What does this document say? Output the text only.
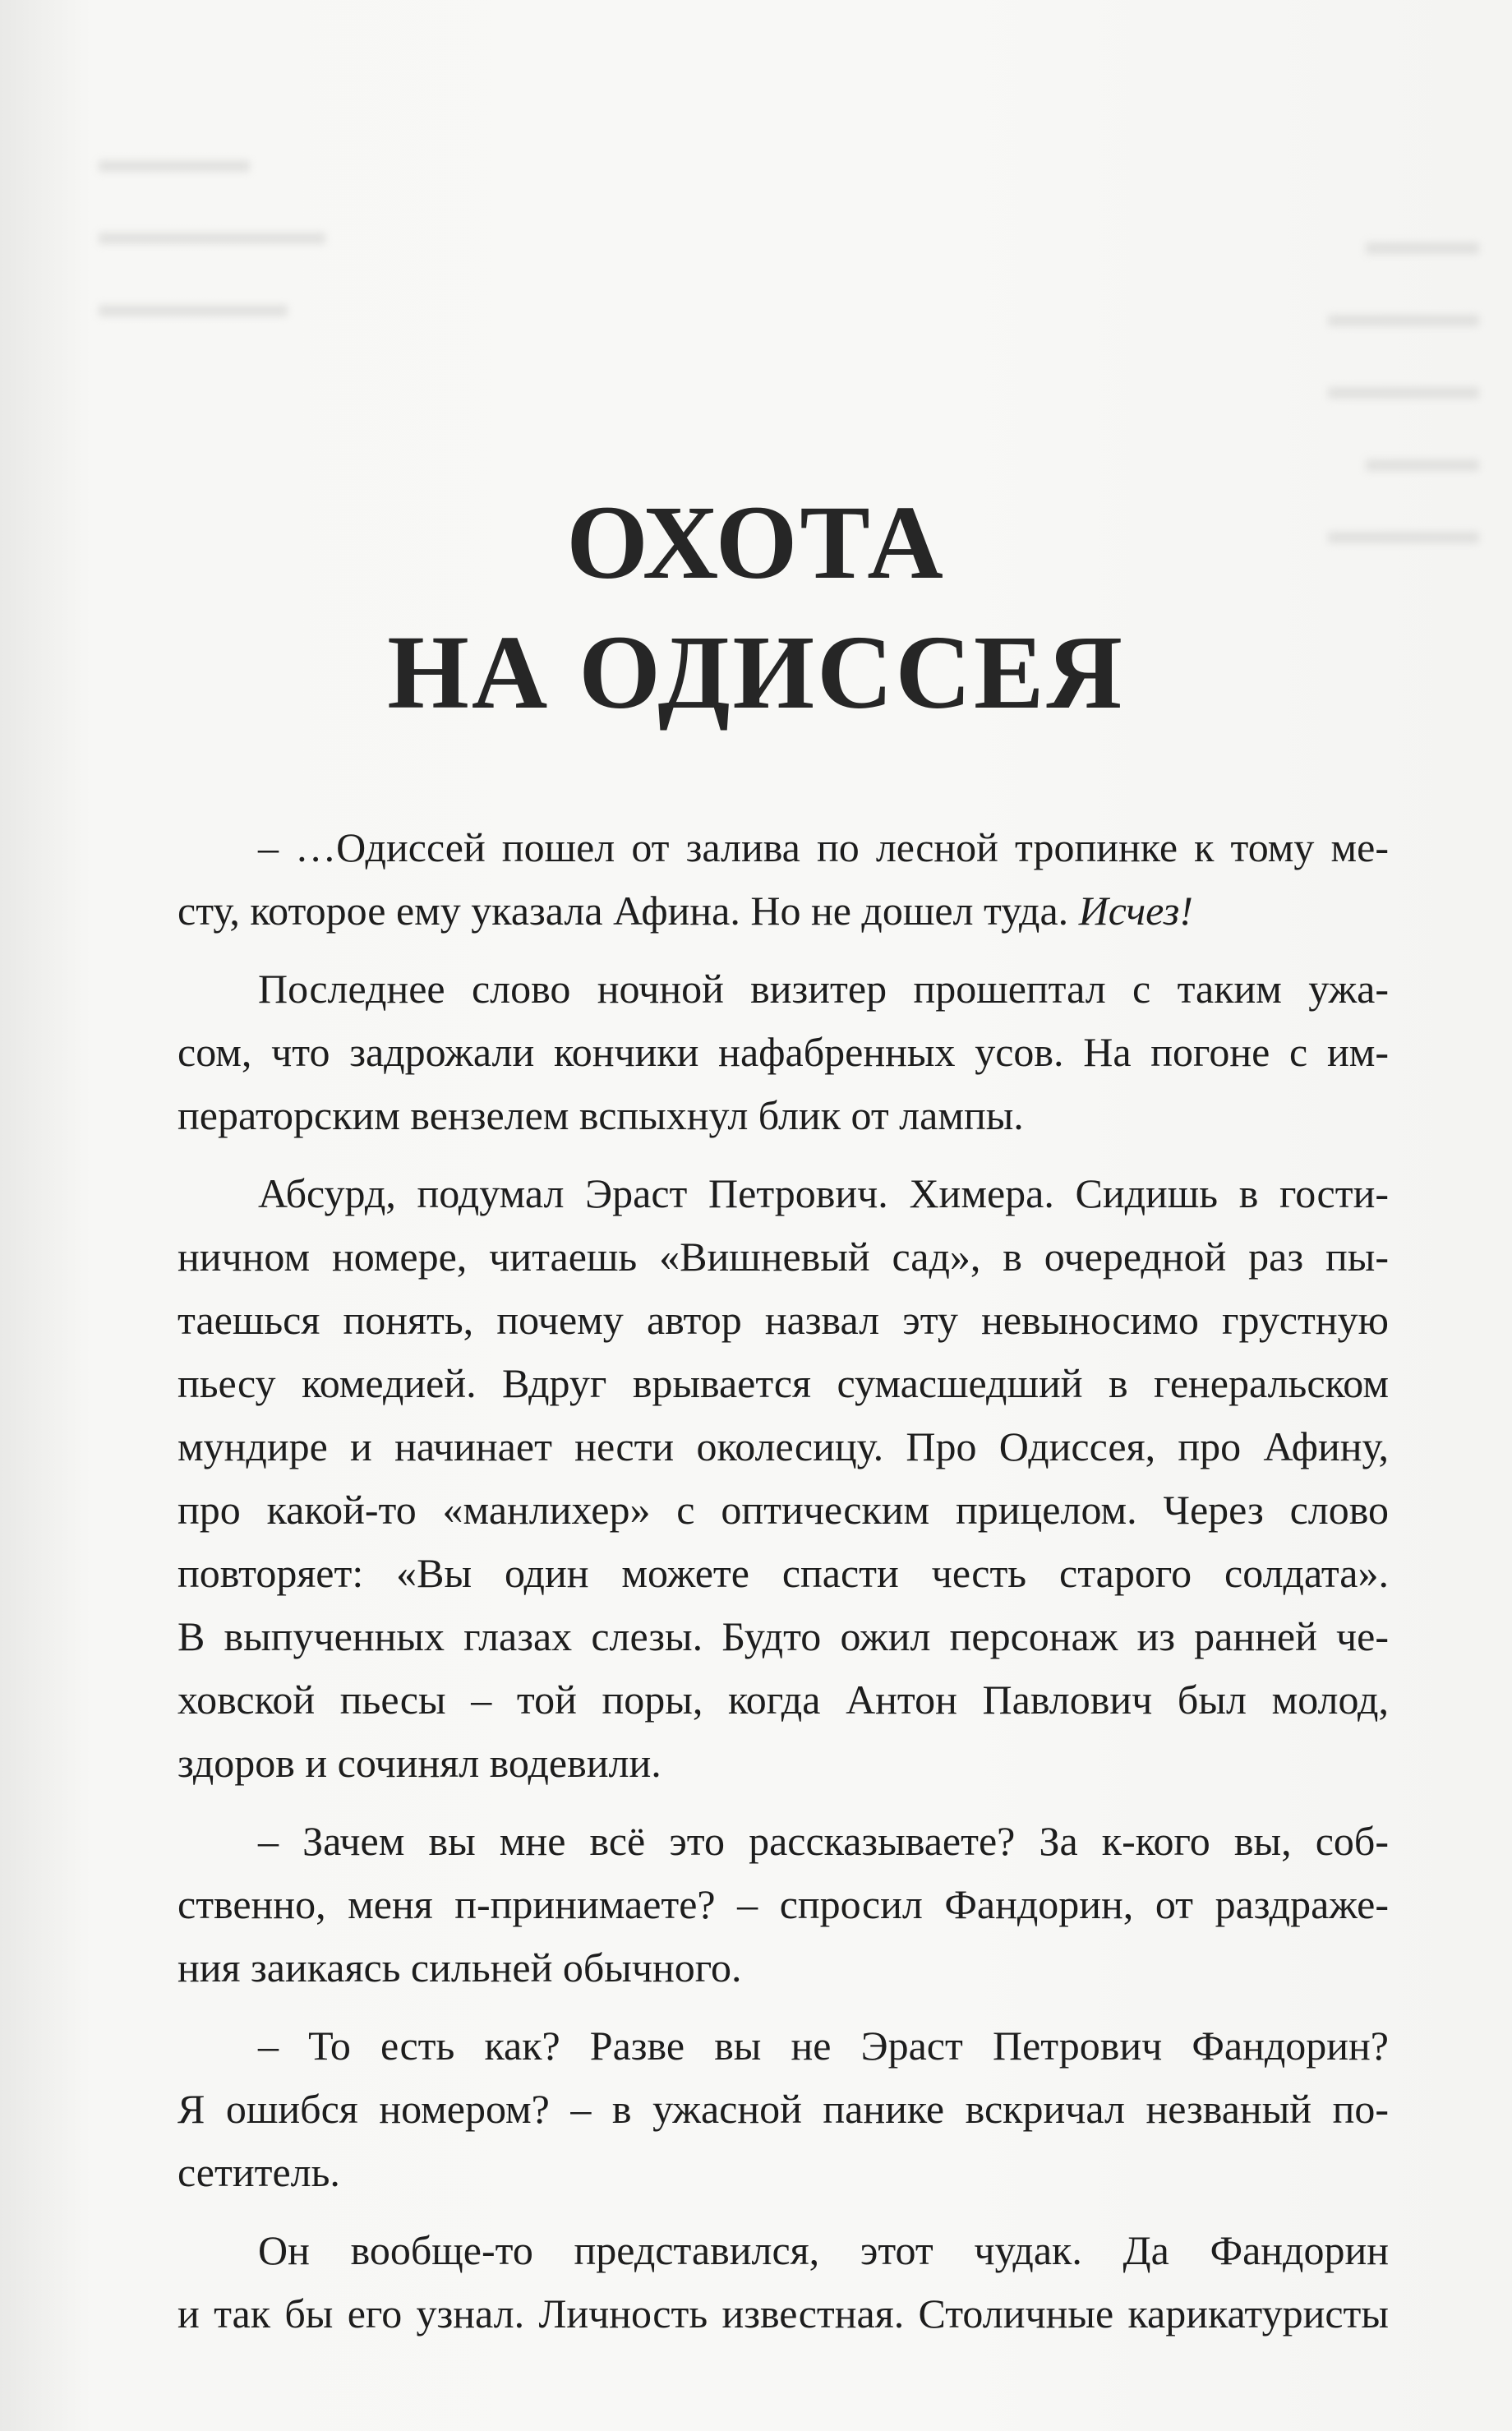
▬▬▬▬
▬▬▬▬▬▬
▬▬▬▬▬
▬▬▬
▬▬▬▬
▬▬▬▬
▬▬▬
▬▬▬▬
ОХОТА
НА ОДИССЕЯ
– …Одиссей пошел от залива по лесной тропинке к тому ме-
сту, которое ему указала Афина. Но не дошел туда. Исчез!
Последнее слово ночной визитер прошептал с таким ужа-
сом, что задрожали кончики нафабренных усов. На погоне с им-
ператорским вензелем вспыхнул блик от лампы.
Абсурд, подумал Эраст Петрович. Химера. Сидишь в гости-
ничном номере, читаешь «Вишневый сад», в очередной раз пы-
таешься понять, почему автор назвал эту невыносимо грустную
пьесу комедией. Вдруг врывается сумасшедший в генеральском
мундире и начинает нести околесицу. Про Одиссея, про Афину,
про какой-то «манлихер» с оптическим прицелом. Через слово
повторяет: «Вы один можете спасти честь старого солдата».
В выпученных глазах слезы. Будто ожил персонаж из ранней че-
ховской пьесы – той поры, когда Антон Павлович был молод,
здоров и сочинял водевили.
– Зачем вы мне всё это рассказываете? За к-кого вы, соб-
ственно, меня п-принимаете? – спросил Фандорин, от раздраже-
ния заикаясь сильней обычного.
– То есть как? Разве вы не Эраст Петрович Фандорин?
Я ошибся номером? – в ужасной панике вскричал незваный по-
сетитель.
Он вообще-то представился, этот чудак. Да Фандорин
и так бы его узнал. Личность известная. Столичные карикатуристы
